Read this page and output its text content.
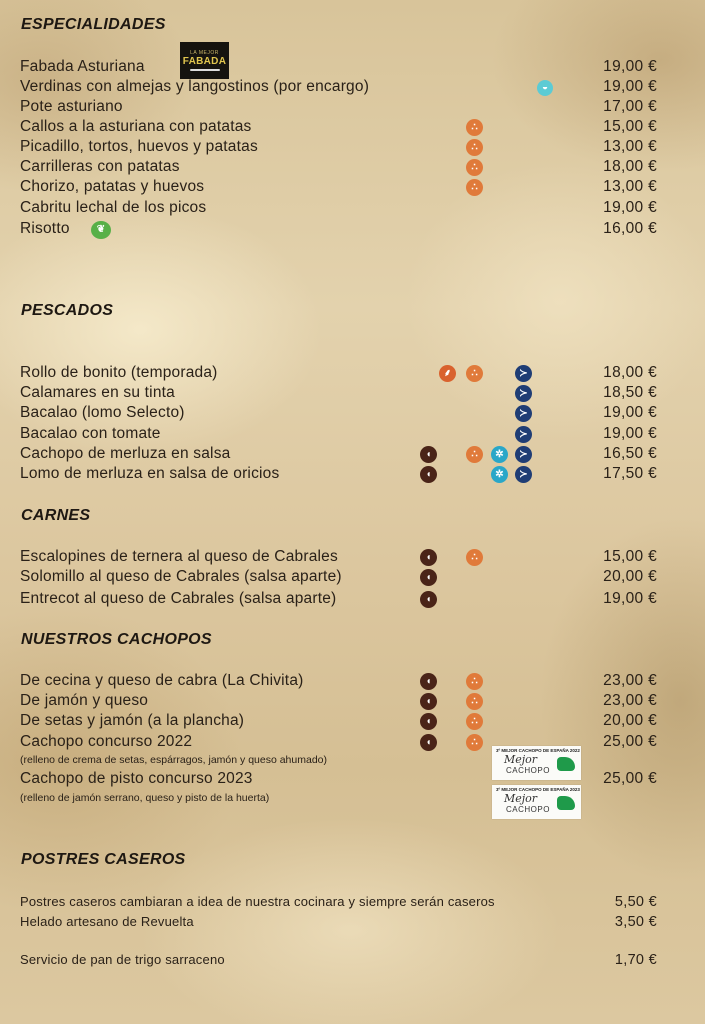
ESPECIALIDADES
LA MEJOR
FABADA
Fabada Asturiana	19,00 €
Verdinas con almejas y langostinos (por encargo)	◒	19,00 €
Pote asturiano	17,00 €
Callos a la asturiana con patatas	∴	15,00 €
Picadillo, tortos, huevos y patatas	∴	13,00 €
Carrilleras con patatas	∴	18,00 €
Chorizo, patatas y huevos	∴	13,00 €
Cabritu lechal de los picos	19,00 €
Risotto	❦	16,00 €
PESCADOS
Rollo de bonito (temporada)	⸙	∴	≻	18,00 €
Calamares en su tinta	≻	18,50 €
Bacalao (lomo Selecto)	≻	19,00 €
Bacalao con tomate	≻	19,00 €
Cachopo de merluza en salsa	◖	∴	✲	≻	16,50 €
Lomo de merluza en salsa de oricios	◖	✲	≻	17,50 €
CARNES
Escalopines de ternera al queso de Cabrales	◖	∴	15,00 €
Solomillo al queso de Cabrales (salsa aparte)	◖	20,00 €
Entrecot al queso de Cabrales (salsa aparte)	◖	19,00 €
NUESTROS CACHOPOS
De cecina y queso de cabra (La Chivita)	◖	∴	23,00 €
De jamón y queso	◖	∴	23,00 €
De setas y jamón (a la plancha)	◖	∴	20,00 €
Cachopo concurso 2022	◖	∴	25,00 €
(relleno de crema de setas, espárragos, jamón y queso ahumado)
Cachopo de pisto concurso 2023	25,00 €
(relleno de jamón serrano, queso y pisto de la huerta)
3º MEJOR CACHOPO DE ESPAÑA 2022
Mejor
CACHOPO
3º MEJOR CACHOPO DE ESPAÑA 2023
Mejor
CACHOPO
POSTRES CASEROS
Postres caseros cambiaran a idea de nuestra cocinara y siempre serán caseros	5,50 €
Helado artesano de Revuelta	3,50 €
Servicio de pan de trigo sarraceno	1,70 €
